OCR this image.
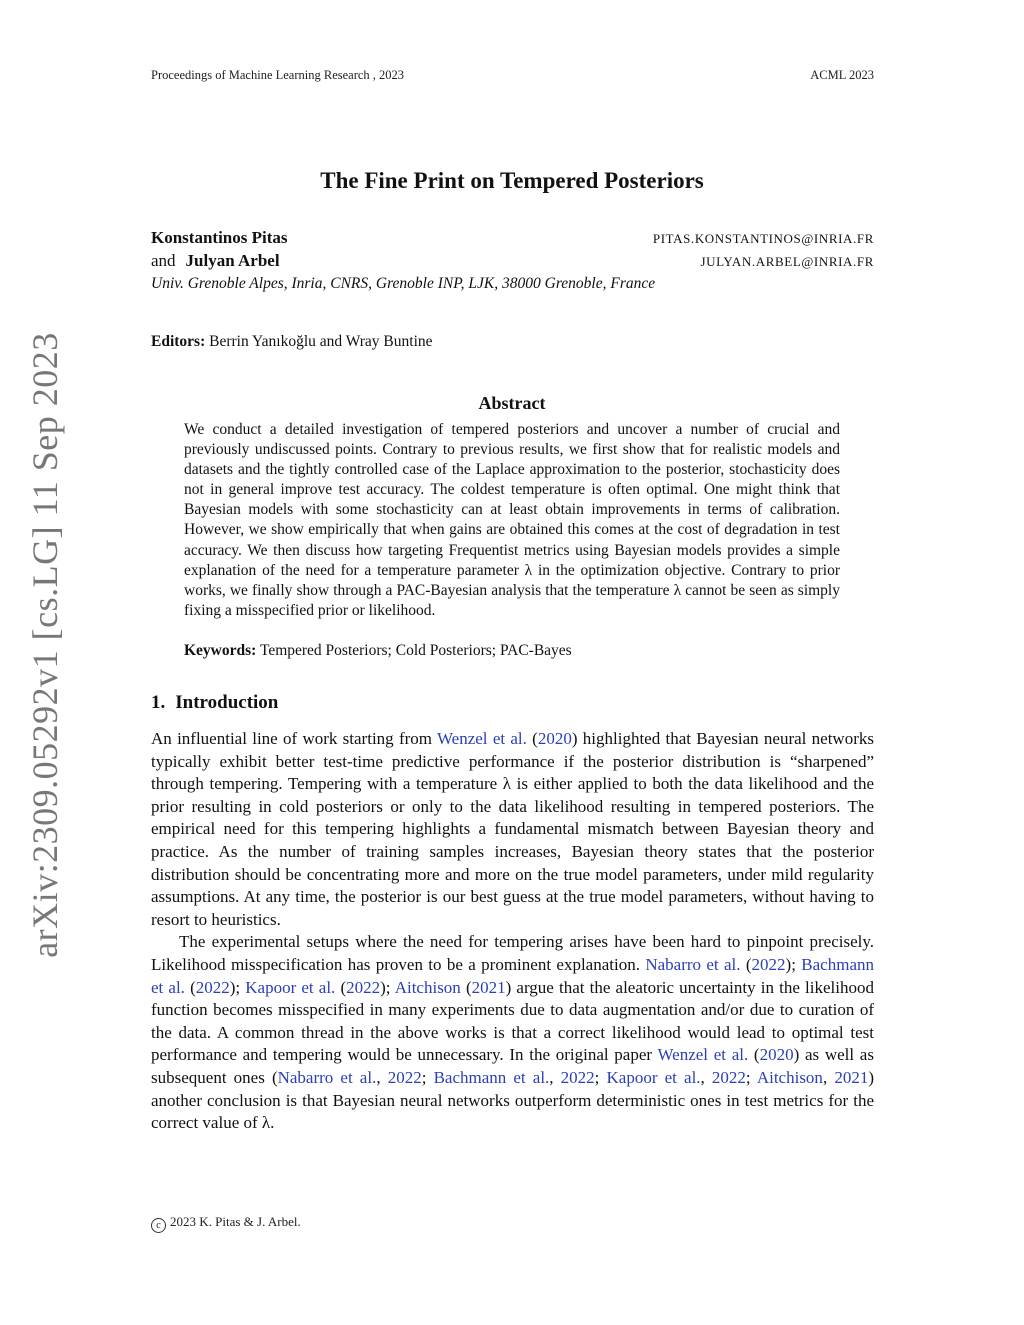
Proceedings of Machine Learning Research , 2023	ACML 2023
arXiv:2309.05292v1 [cs.LG] 11 Sep 2023
The Fine Print on Tempered Posteriors
Konstantinos Pitas	PITAS.KONSTANTINOS@INRIA.FR
and Julyan Arbel	JULYAN.ARBEL@INRIA.FR
Univ. Grenoble Alpes, Inria, CNRS, Grenoble INP, LJK, 38000 Grenoble, France
Editors: Berrin Yanıkoğlu and Wray Buntine
Abstract

We conduct a detailed investigation of tempered posteriors and uncover a number of crucial and previously undiscussed points. Contrary to previous results, we first show that for realistic models and datasets and the tightly controlled case of the Laplace approximation to the posterior, stochasticity does not in general improve test accuracy. The coldest temperature is often optimal. One might think that Bayesian models with some stochasticity can at least obtain improvements in terms of calibration. However, we show empirically that when gains are obtained this comes at the cost of degradation in test accuracy. We then discuss how targeting Frequentist metrics using Bayesian models provides a simple explanation of the need for a temperature parameter λ in the optimization objective. Contrary to prior works, we finally show through a PAC-Bayesian analysis that the temperature λ cannot be seen as simply fixing a misspecified prior or likelihood.

Keywords: Tempered Posteriors; Cold Posteriors; PAC-Bayes
1. Introduction

An influential line of work starting from Wenzel et al. (2020) highlighted that Bayesian neural networks typically exhibit better test-time predictive performance if the posterior distribution is “sharpened” through tempering. Tempering with a temperature λ is either applied to both the data likelihood and the prior resulting in cold posteriors or only to the data likelihood resulting in tempered posteriors. The empirical need for this tempering highlights a fundamental mismatch between Bayesian theory and practice. As the number of training samples increases, Bayesian theory states that the posterior distribution should be concentrating more and more on the true model parameters, under mild regularity assumptions. At any time, the posterior is our best guess at the true model parameters, without having to resort to heuristics.

The experimental setups where the need for tempering arises have been hard to pinpoint precisely. Likelihood misspecification has proven to be a prominent explanation. Nabarro et al. (2022); Bachmann et al. (2022); Kapoor et al. (2022); Aitchison (2021) argue that the aleatoric uncertainty in the likelihood function becomes misspecified in many experiments due to data augmentation and/or due to curation of the data. A common thread in the above works is that a correct likelihood would lead to optimal test performance and tempering would be unnecessary. In the original paper Wenzel et al. (2020) as well as subsequent ones (Nabarro et al., 2022; Bachmann et al., 2022; Kapoor et al., 2022; Aitchison, 2021) another conclusion is that Bayesian neural networks outperform deterministic ones in test metrics for the correct value of λ.

c 2023 K. Pitas & J. Arbel.
